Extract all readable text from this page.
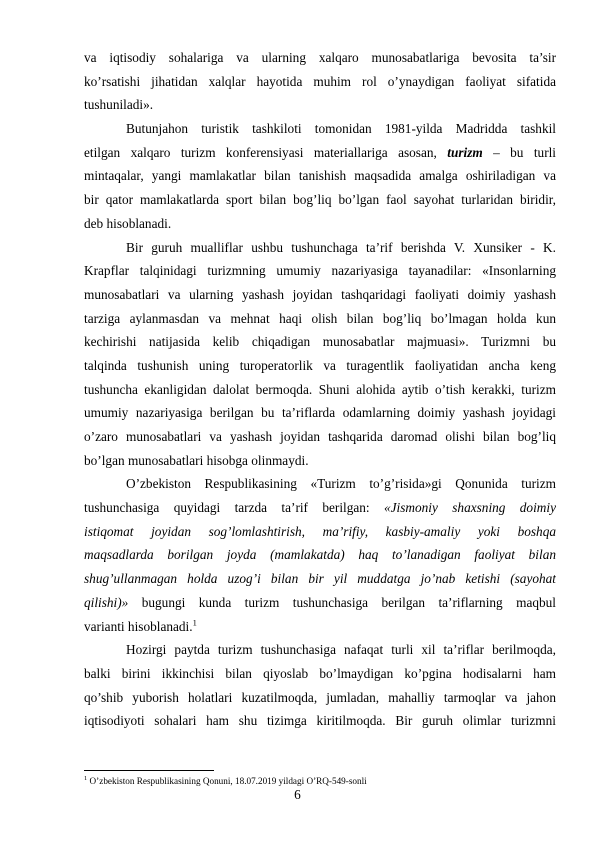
va iqtisodiy sohalariga va ularning xalqaro munosabatlariga bevosita ta’sir
ko’rsatishi jihatidan xalqlar hayotida muhim rol o’ynaydigan faoliyat sifatida
tushuniladi».
Butunjahon turistik tashkiloti tomonidan 1981-yilda Madridda tashkil
etilgan xalqaro turizm konferensiyasi materiallariga asosan, turizm – bu turli
mintaqalar, yangi mamlakatlar bilan tanishish maqsadida amalga oshiriladigan va
bir qator mamlakatlarda sport bilan bog’liq bo’lgan faol sayohat turlaridan biridir,
deb hisoblanadi.
Bir guruh mualliflar ushbu tushunchaga ta’rif berishda V. Xunsiker - K.
Krapflar talqinidagi turizmning umumiy nazariyasiga tayanadilar: «Insonlarning
munosabatlari va ularning yashash joyidan tashqaridagi faoliyati doimiy yashash
tarziga aylanmasdan va mehnat haqi olish bilan bog’liq bo’lmagan holda kun
kechirishi natijasida kelib chiqadigan munosabatlar majmuasi». Turizmni bu
talqinda tushunish uning turoperatorlik va turagentlik faoliyatidan ancha keng
tushuncha ekanligidan dalolat bermoqda. Shuni alohida aytib o’tish kerakki, turizm
umumiy nazariyasiga berilgan bu ta’riflarda odamlarning doimiy yashash joyidagi
o’zaro munosabatlari va yashash joyidan tashqarida daromad olishi bilan bog’liq
bo’lgan munosabatlari hisobga olinmaydi.
O’zbekiston Respublikasining «Turizm to’g’risida»gi Qonunida turizm
tushunchasiga quyidagi tarzda ta’rif berilgan: «Jismoniy shaxsning doimiy
istiqomat joyidan sog’lomlashtirish, ma’rifiy, kasbiy-amaliy yoki boshqa
maqsadlarda borilgan joyda (mamlakatda) haq to’lanadigan faoliyat bilan
shug’ullanmagan holda uzog’i bilan bir yil muddatga jo’nab ketishi (sayohat
qilishi)» bugungi kunda turizm tushunchasiga berilgan ta’riflarning maqbul
varianti hisoblanadi.$^1$
Hozirgi paytda turizm tushunchasiga nafaqat turli xil ta’riflar berilmoqda,
balki birini ikkinchisi bilan qiyoslab bo’lmaydigan ko’pgina hodisalarni ham
qo’shib yuborish holatlari kuzatilmoqda, jumladan, mahalliy tarmoqlar va jahon
iqtisodiyoti sohalari ham shu tizimga kiritilmoqda. Bir guruh olimlar turizmni
$^1$ O’zbekiston Respublikasining Qonuni, 18.07.2019 yildagi O’RQ-549-sonli
6
